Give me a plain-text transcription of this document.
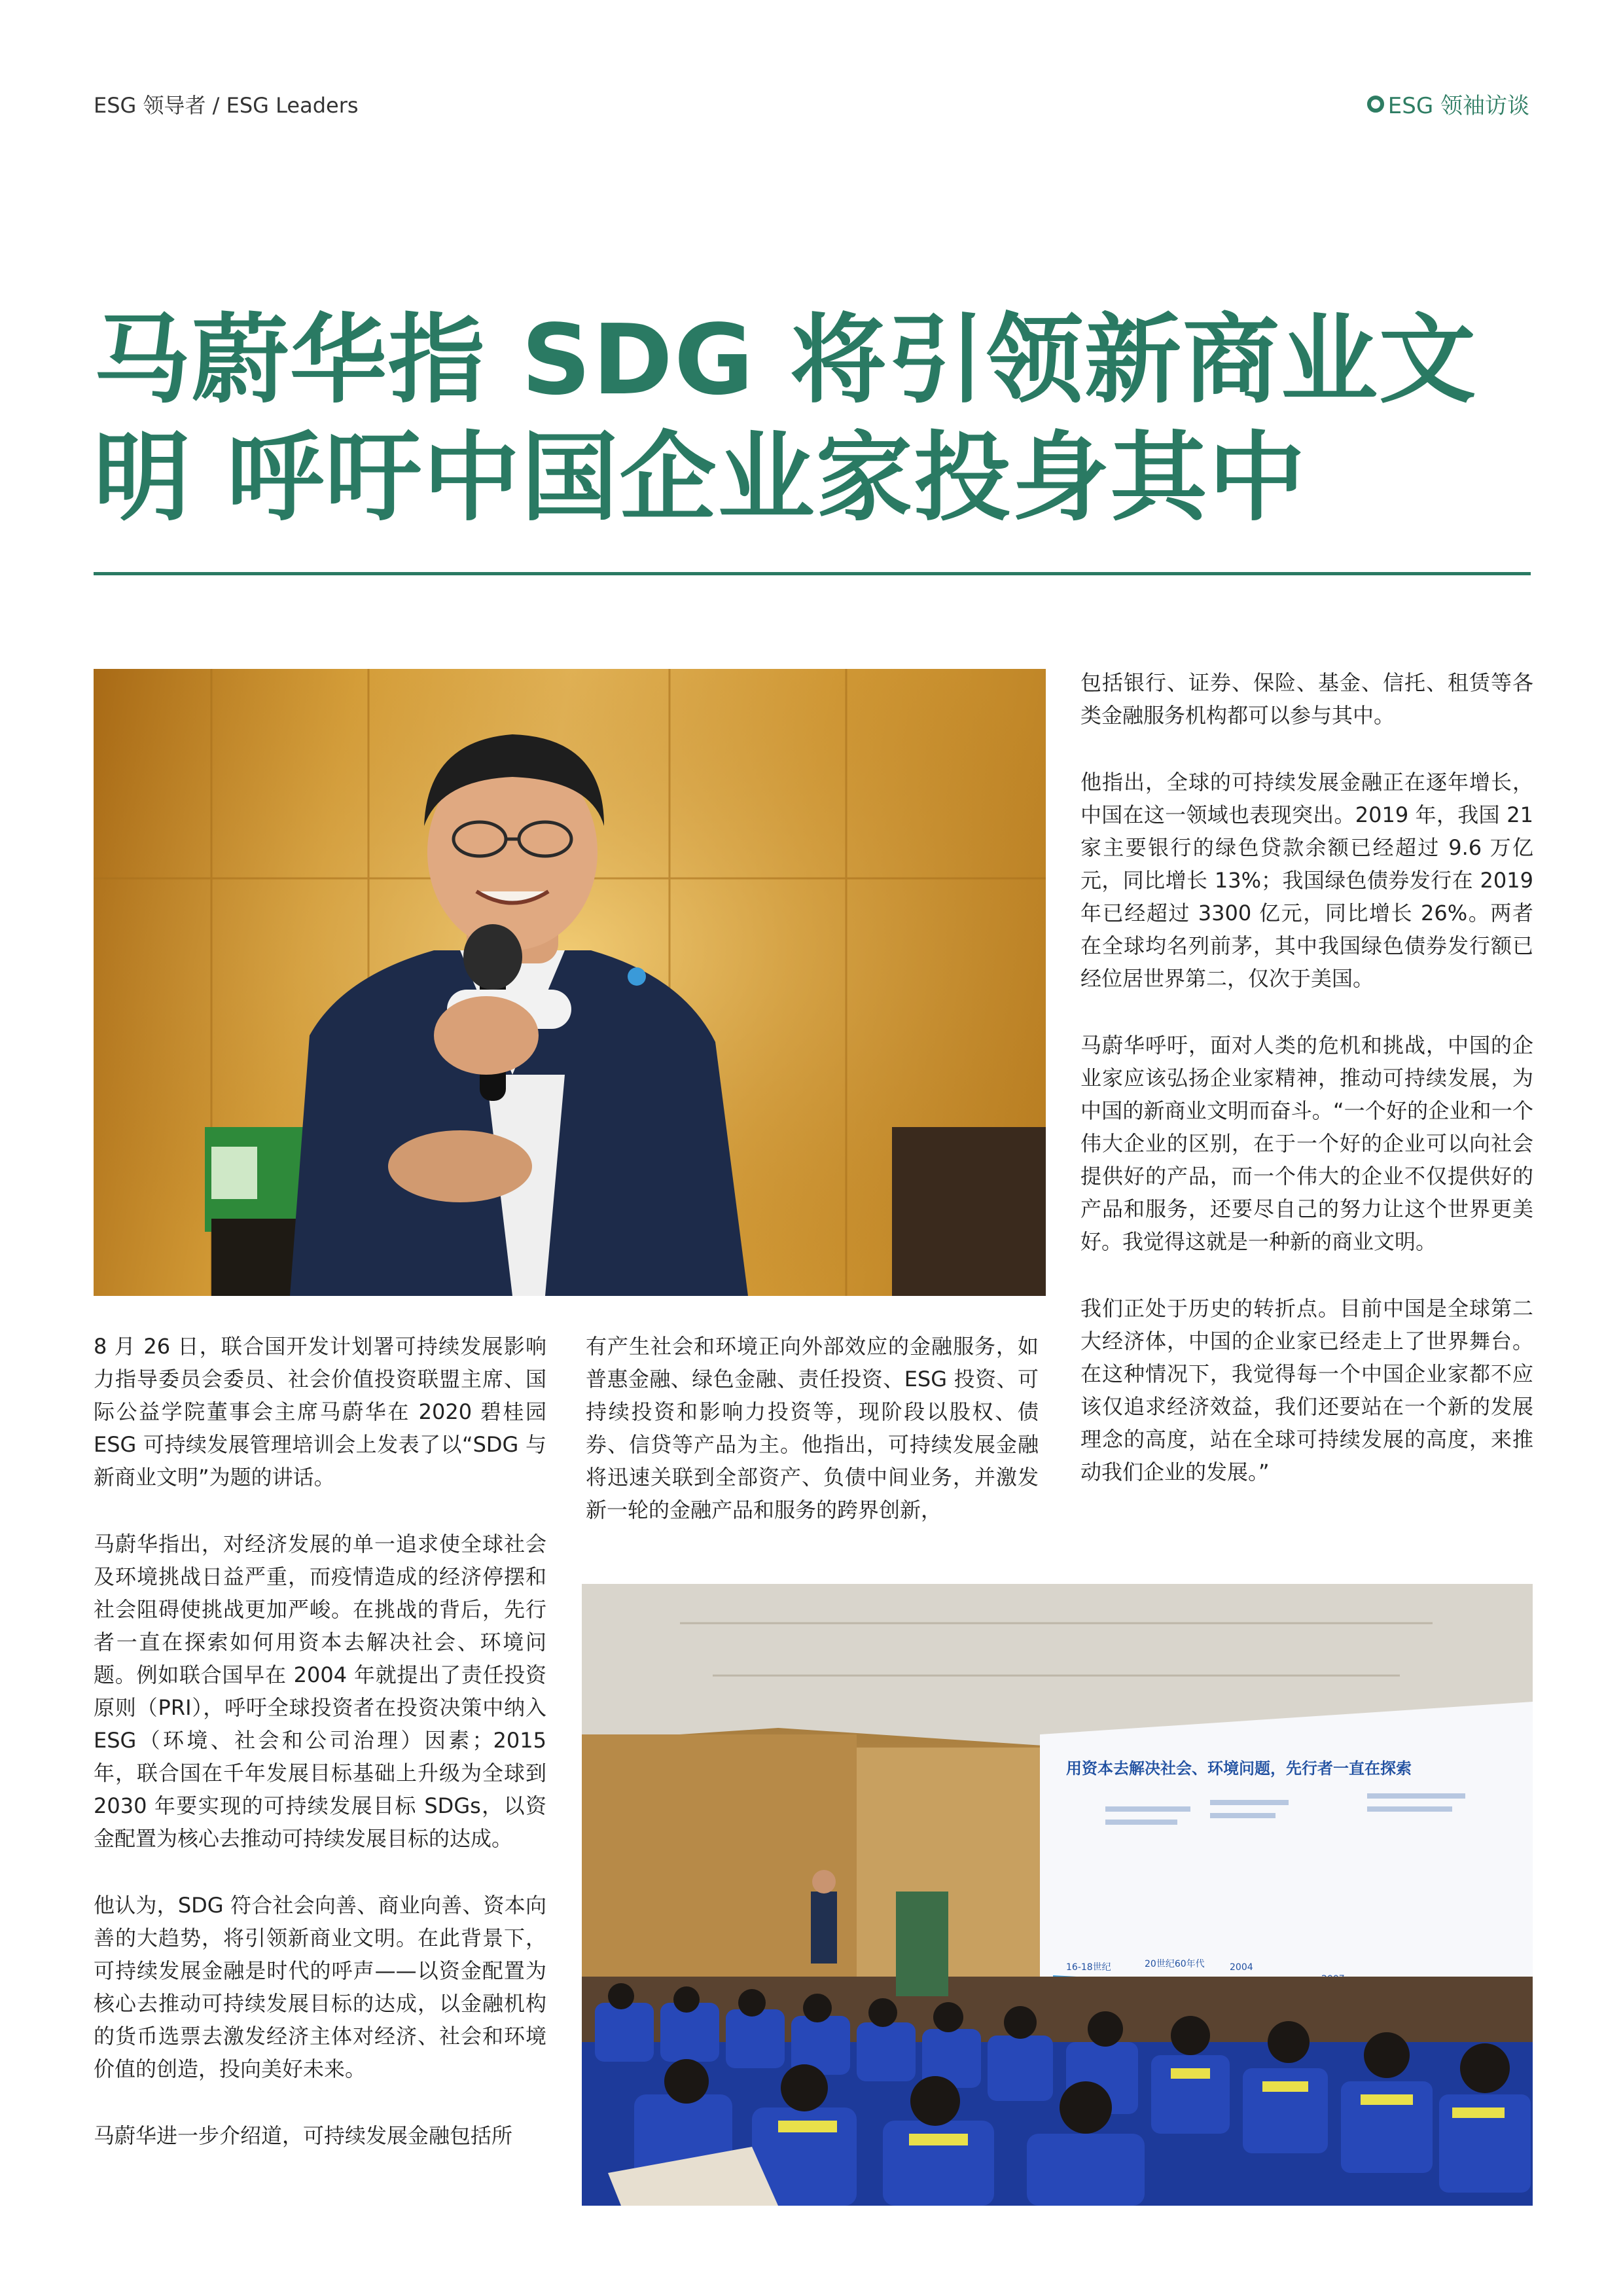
ESG 领导者 / ESG Leaders	ESG 领袖访谈
马蔚华指 SDG 将引领新商业文明 呼吁中国企业家投身其中
用资本去解决社会、环境问题，先行者一直在探索
16-18世纪	20世纪60年代	2004

包括银行、证券、保险、基金、信托、租赁等各类金融服务机构都可以参与其中。

他指出，全球的可持续发展金融正在逐年增长，中国在这一领域也表现突出。2019 年，我国 21 家主要银行的绿色贷款余额已经超过 9.6 万亿元，同比增长 13%；我国绿色债券发行在 2019 年已经超过 3300 亿元，同比增长 26%。两者在全球均名列前茅，其中我国绿色债券发行额已经位居世界第二，仅次于美国。

马蔚华呼吁，面对人类的危机和挑战，中国的企业家应该弘扬企业家精神，推动可持续发展，为中国的新商业文明而奋斗。“一个好的企业和一个伟大企业的区别，在于一个好的企业可以向社会提供好的产品，而一个伟大的企业不仅提供好的产品和服务，还要尽自己的努力让这个世界更美好。我觉得这就是一种新的商业文明。

我们正处于历史的转折点。目前中国是全球第二大经济体，中国的企业家已经走上了世界舞台。在这种情况下，我觉得每一个中国企业家都不应该仅追求经济效益，我们还要站在一个新的发展理念的高度，站在全球可持续发展的高度，来推动我们企业的发展。”

8 月 26 日，联合国开发计划署可持续发展影响力指导委员会委员、社会价值投资联盟主席、国际公益学院董事会主席马蔚华在 2020 碧桂园 ESG 可持续发展管理培训会上发表了以“SDG 与新商业文明”为题的讲话。

马蔚华指出，对经济发展的单一追求使全球社会及环境挑战日益严重，而疫情造成的经济停摆和社会阻碍使挑战更加严峻。在挑战的背后，先行者一直在探索如何用资本去解决社会、环境问题。例如联合国早在 2004 年就提出了责任投资原则（PRI），呼吁全球投资者在投资决策中纳入 ESG（环境、社会和公司治理）因素；2015 年，联合国在千年发展目标基础上升级为全球到 2030 年要实现的可持续发展目标 SDGs，以资金配置为核心去推动可持续发展目标的达成。

他认为，SDG 符合社会向善、商业向善、资本向善的大趋势，将引领新商业文明。在此背景下，可持续发展金融是时代的呼声——以资金配置为核心去推动可持续发展目标的达成，以金融机构的货币选票去激发经济主体对经济、社会和环境价值的创造，投向美好未来。

马蔚华进一步介绍道，可持续发展金融包括所

有产生社会和环境正向外部效应的金融服务，如普惠金融、绿色金融、责任投资、ESG 投资、可持续投资和影响力投资等，现阶段以股权、债券、信贷等产品为主。他指出，可持续发展金融将迅速关联到全部资产、负债中间业务，并激发新一轮的金融产品和服务的跨界创新，
